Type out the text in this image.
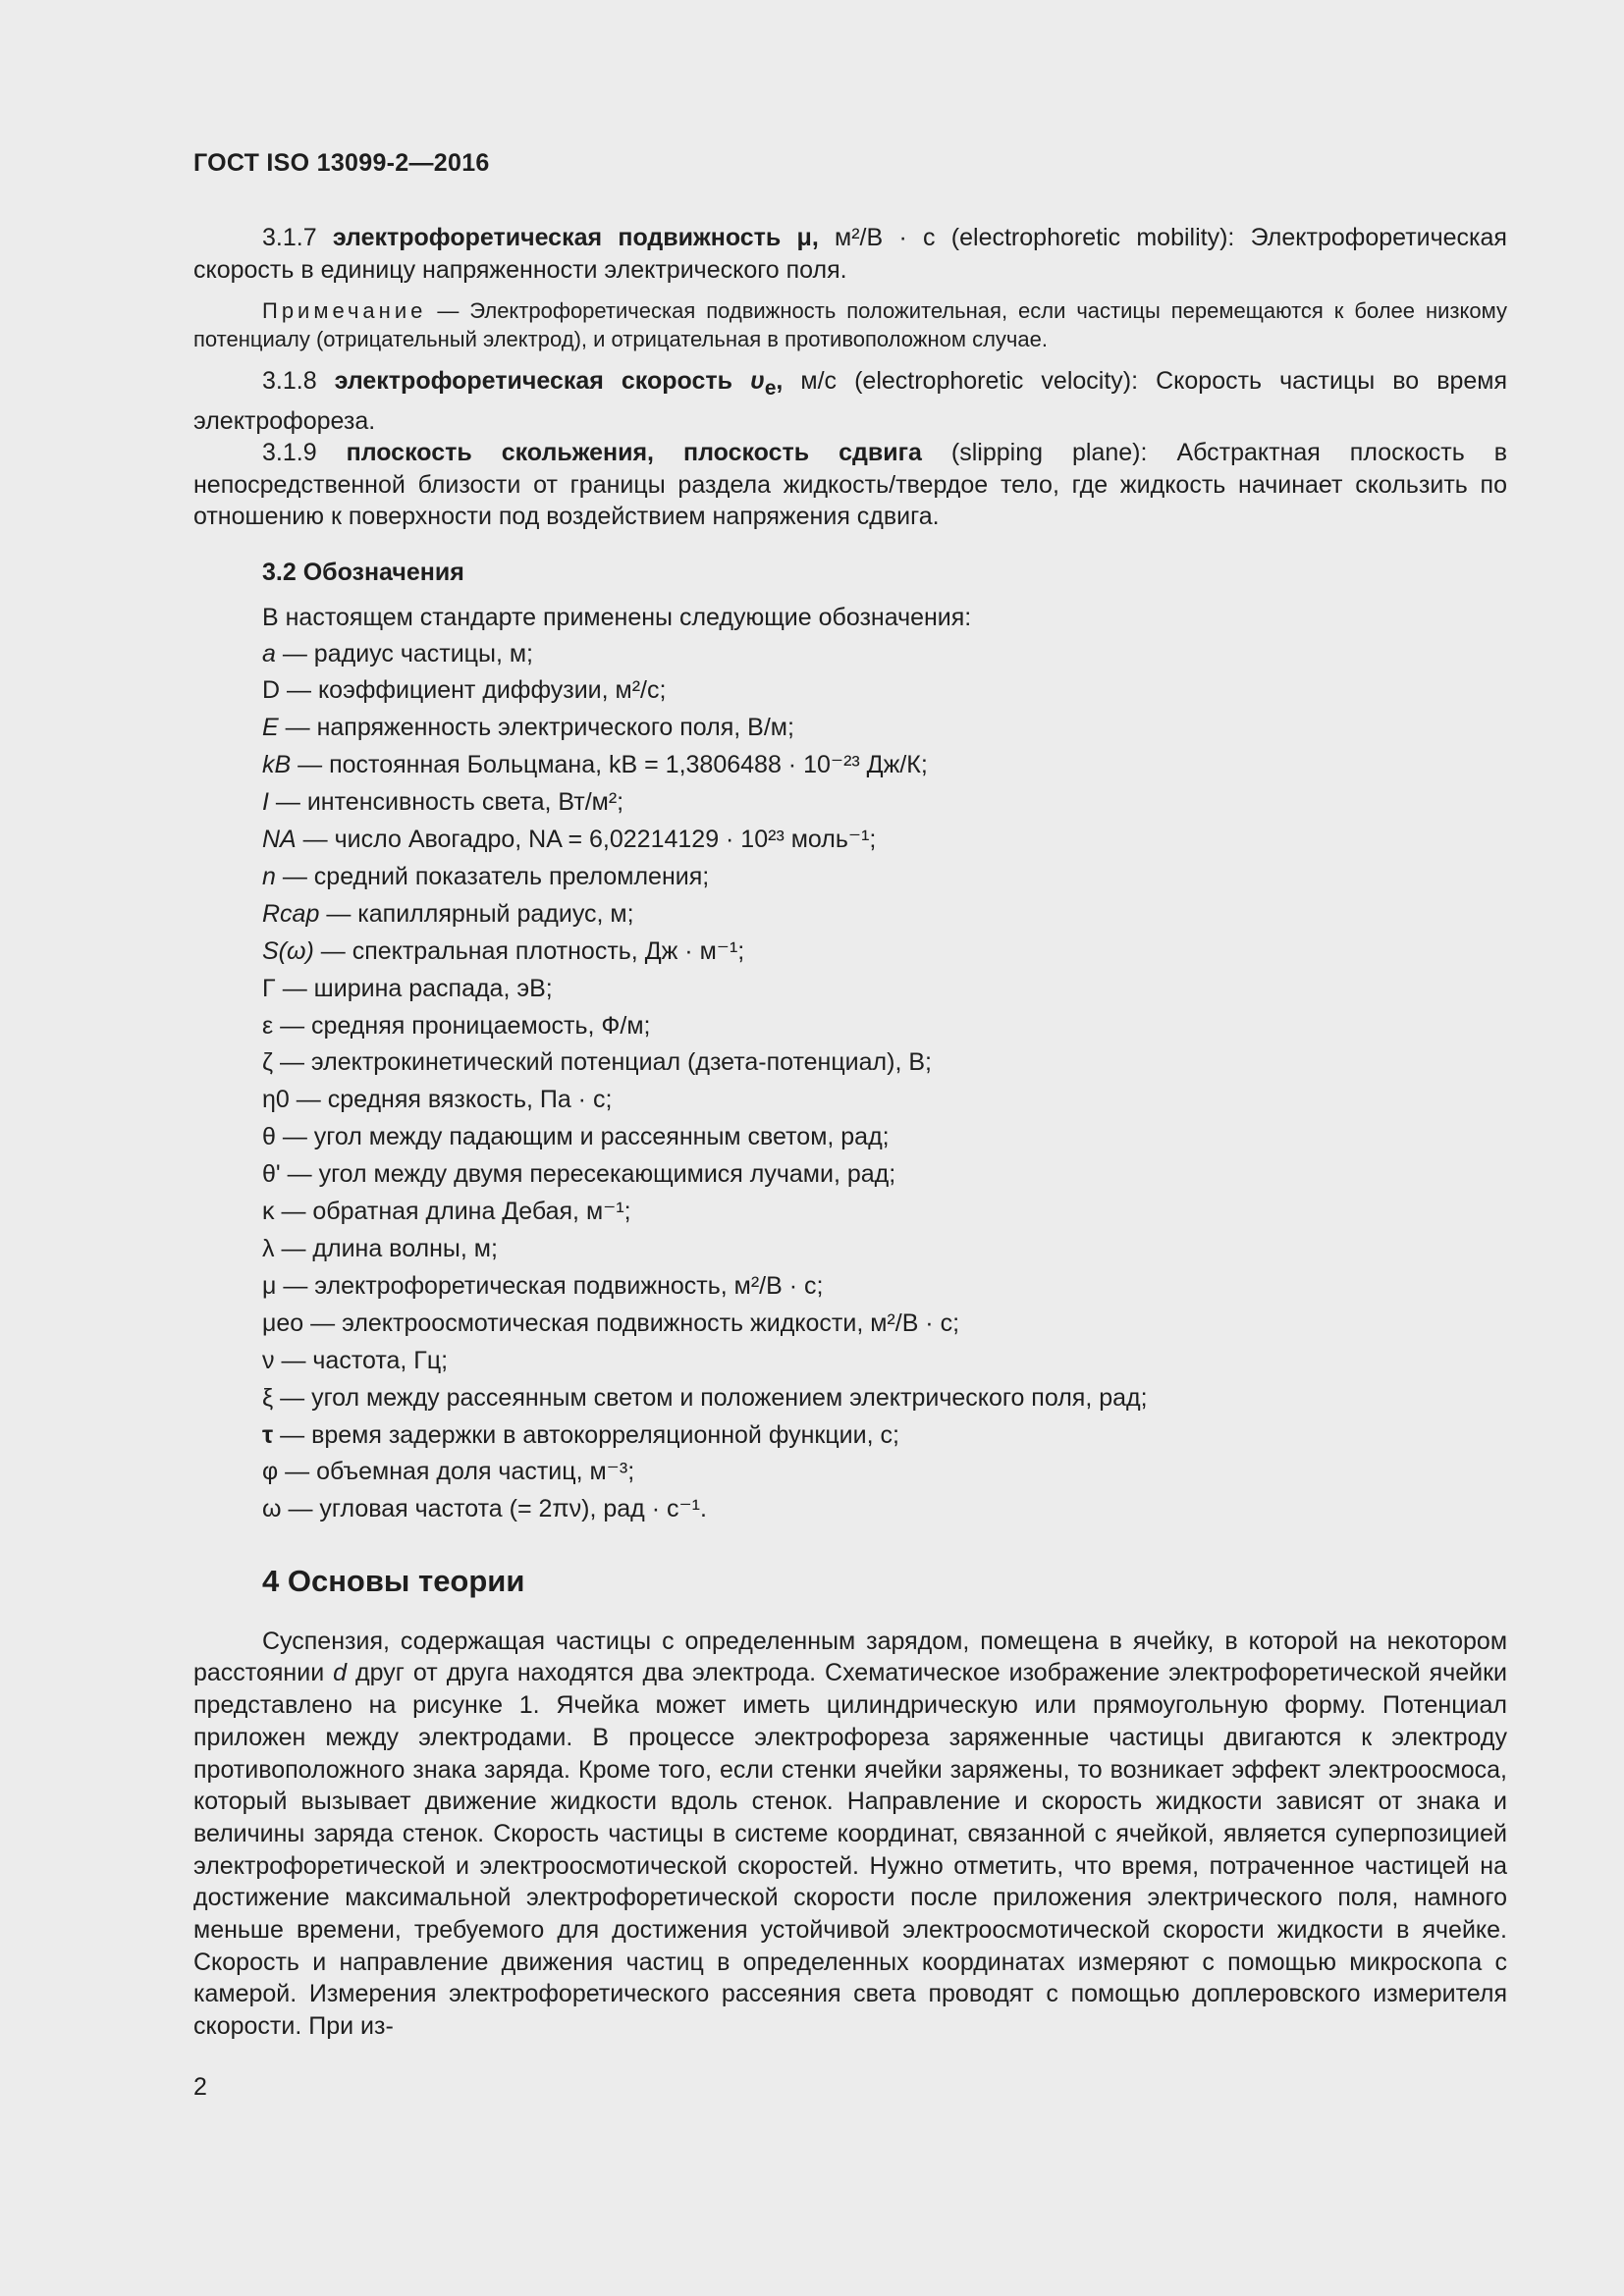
ГОСТ ISO 13099-2—2016

3.1.7 электрофоретическая подвижность μ, м²/В · с (electrophoretic mobility): Электрофоретическая скорость в единицу напряженности электрического поля.

Примечание — Электрофоретическая подвижность положительная, если частицы перемещаются к более низкому потенциалу (отрицательный электрод), и отрицательная в противоположном случае.

3.1.8 электрофоретическая скорость $\upsilon_e$, м/с (electrophoretic velocity): Скорость частицы во время электрофореза.

3.1.9 плоскость скольжения, плоскость сдвига (slipping plane): Абстрактная плоскость в непосредственной близости от границы раздела жидкость/твердое тело, где жидкость начинает скользить по отношению к поверхности под воздействием напряжения сдвига.

3.2 Обозначения
В настоящем стандарте применены следующие обозначения:
a — радиус частицы, м;
D — коэффициент диффузии, м²/с;
E — напряженность электрического поля, В/м;
kB — постоянная Больцмана, kB = 1,3806488 · 10⁻²³ Дж/К;
I — интенсивность света, Вт/м²;
NA — число Авогадро, NA = 6,02214129 · 10²³ моль⁻¹;
n — средний показатель преломления;
Rcap — капиллярный радиус, м;
S(ω) — спектральная плотность, Дж · м⁻¹;
Γ — ширина распада, эВ;
ε — средняя проницаемость, Ф/м;
ζ — электрокинетический потенциал (дзета-потенциал), В;
η0 — средняя вязкость, Па · с;
θ — угол между падающим и рассеянным светом, рад;
θ' — угол между двумя пересекающимися лучами, рад;
κ — обратная длина Дебая, м⁻¹;
λ — длина волны, м;
μ — электрофоретическая подвижность, м²/В · с;
μeo — электроосмотическая подвижность жидкости, м²/В · с;
ν — частота, Гц;
ξ — угол между рассеянным светом и положением электрического поля, рад;
τ — время задержки в автокорреляционной функции, с;
φ — объемная доля частиц, м⁻³;
ω — угловая частота (= 2πν), рад · с⁻¹.
4 Основы теории

Суспензия, содержащая частицы с определенным зарядом, помещена в ячейку, в которой на некотором расстоянии d друг от друга находятся два электрода. Схематическое изображение электрофоретической ячейки представлено на рисунке 1. Ячейка может иметь цилиндрическую или прямоугольную форму. Потенциал приложен между электродами. В процессе электрофореза заряженные частицы двигаются к электроду противоположного знака заряда. Кроме того, если стенки ячейки заряжены, то возникает эффект электроосмоса, который вызывает движение жидкости вдоль стенок. Направление и скорость жидкости зависят от знака и величины заряда стенок. Скорость частицы в системе координат, связанной с ячейкой, является суперпозицией электрофоретической и электроосмотической скоростей. Нужно отметить, что время, потраченное частицей на достижение максимальной электрофоретической скорости после приложения электрического поля, намного меньше времени, требуемого для достижения устойчивой электроосмотической скорости жидкости в ячейке. Скорость и направление движения частиц в определенных координатах измеряют с помощью микроскопа с камерой. Измерения электрофоретического рассеяния света проводят с помощью доплеровского измерителя скорости. При из-

2
